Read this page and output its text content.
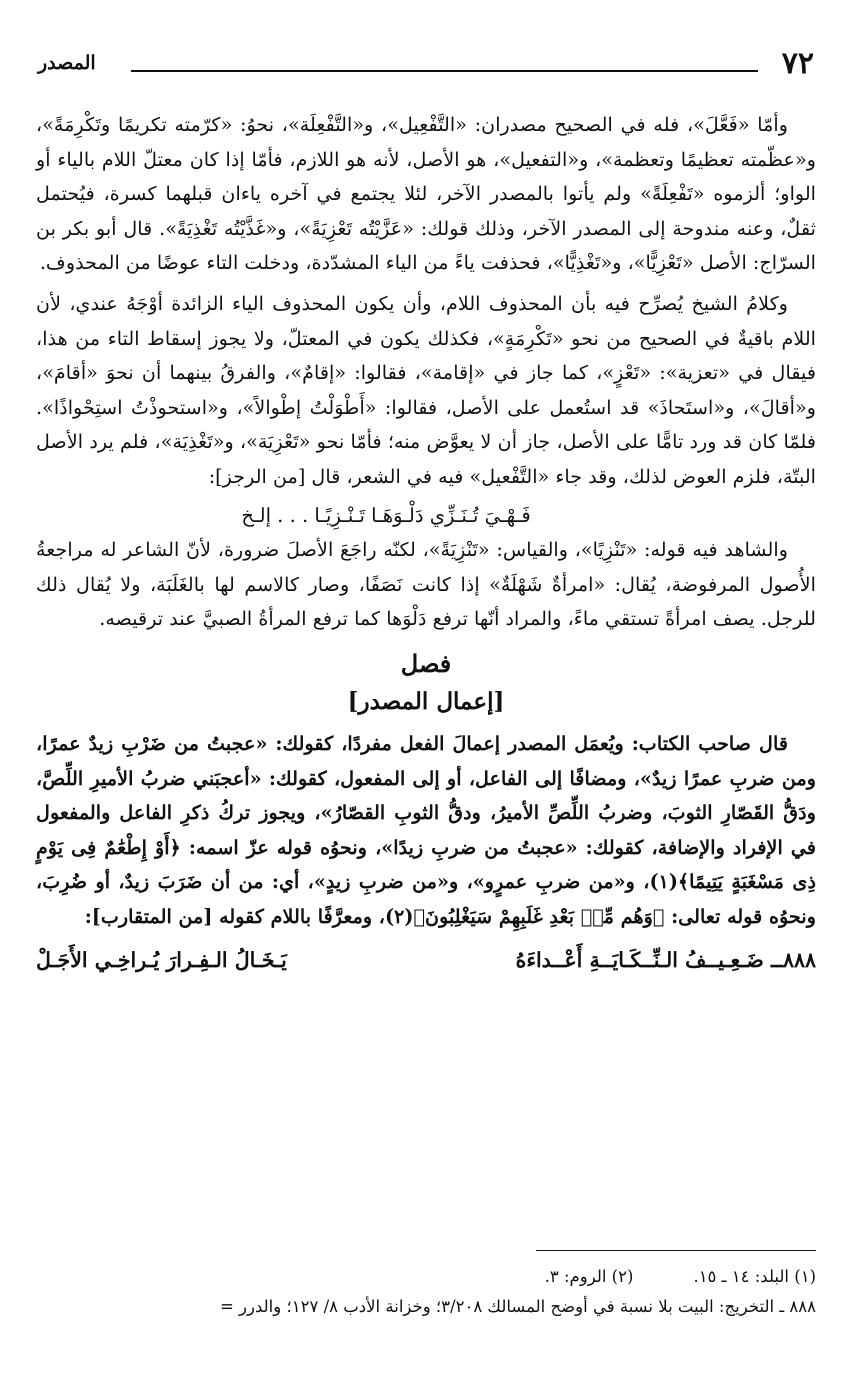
٧٢
المصدر

وأمّا «فَعَّلَ»، فله في الصحيح مصدران: «التَّفْعِيل»، و«التَّفْعِلَة»، نحوُ: «كرّمته تكريمًا وتَكْرِمَةً»، و«عظّمته تعظيمًا وتعظمة»، و«التفعيل»، هو الأصل، لأنه هو اللازم، فأمّا إذا كان معتلّ اللام بالياء أو الواو؛ ألزموه «تَفْعِلَةً» ولم يأتوا بالمصدر الآخر، لئلا يجتمع في آخره ياءان قبلهما كسرة، فيُحتمل ثقلٌ، وعنه مندوحة إلى المصدر الآخر، وذلك قولك: «عَزَّيْتُه تَعْزِيَةً»، و«غَذَّيْتُه تَغْذِيَةً». قال أبو بكر بن السرّاج: الأصل «تَعْزِيًّا»، و«تَغْذِيًّا»، فحذفت ياءً من الياء المشدّدة، ودخلت التاء عوضًا من المحذوف.

وكلامُ الشيخ يُصرِّح فيه بأن المحذوف اللام، وأن يكون المحذوف الياء الزائدة أوْجَهُ عندي، لأن اللام باقيةٌ في الصحيح من نحو «تَكْرِمَةٍ»، فكذلك يكون في المعتلّ، ولا يجوز إسقاط التاء من هذا، فيقال في «تعزية»: «تَعْزٍ»، كما جاز في «إقامة»، فقالوا: «إقامٌ»، والفرقُ بينهما أن نحوَ «أقامَ»، و«أقالَ»، و«استَحاذَ» قد استُعمل على الأصل، فقالوا: «أَطْوَلْتُ إطْوالاً»، و«استحوذْتُ استِحْواذًا». فلمّا كان قد ورد تامًّا على الأصل، جاز أن لا يعوَّض منه؛ فأمّا نحو «تَعْزِيَة»، و«تَغْذِيَة»، فلم يرد الأصل البتّة، فلزم العوض لذلك، وقد جاء «التَّفْعيل» فيه في الشعر، قال [من الرجز]:

فَـهْـيَ تُـنَـزِّي دَلْـوَهَـا تَـنْـزِيًـا . . . إلـخ

والشاهد فيه قوله: «تَنْزِيًا»، والقياس: «تَنْزِيَةً»، لكنّه راجَعَ الأصلَ ضرورة، لأنّ الشاعر له مراجعةُ الأُصول المرفوضة، يُقال: «امرأةٌ شَهْلَةٌ» إذا كانت نَصَفًا، وصار كالاسم لها بالغَلَبَة، ولا يُقال ذلك للرجل. يصف امرأةً تستقي ماءً، والمراد أنّها ترفع دَلْوَها كما ترفع المرأةُ الصبيَّ عند ترقيصه.

فصل
[إعمال المصدر]

قال صاحب الكتاب: ويُعمَل المصدر إعمالَ الفعل مفردًا، كقولك: «عجبتُ من ضَرْبِ زيدٌ عمرًا، ومن ضربِ عمرًا زيدٌ»، ومضافًا إلى الفاعل، أو إلى المفعول، كقولك: «أعجبَني ضربُ الأميرِ اللِّصَّ، ودَقُّ القَصّارِ الثوبَ، وضربُ اللِّصِّ الأميرُ، ودقُّ الثوبِ القصّارُ»، ويجوز تركُ ذكرِ الفاعل والمفعول في الإفراد والإضافة، كقولك: «عجبتُ من ضربِ زيدًا»، ونحوُه قوله عزّ اسمه: ﴿أَوْ إِطْعَٰمٌ فِى يَوْمٍ ذِى مَسْغَبَةٍ يَتِيمًا﴾(١)، و«من ضربِ عمرٍو»، و«من ضربِ زيدٍ»، أي: من أن ضَرَبَ زيدٌ، أو ضُرِبَ، ونحوُه قوله تعالى: ﴿وَهُم مِّنۢ بَعْدِ غَلَبِهِمْ سَيَغْلِبُونَ﴾(٢)، ومعرَّفًا باللام كقوله [من المتقارب]:

٨٨٨ــ ضَـعِـيــفُ الـنِّــكَـايَــةِ أَعْــداءَهُ
يَـخَـالُ الـفِـرارَ يُـراخِـي الأَجَـلْ
(١) البلد: ١٤ ـ ١٥.
(٢) الروم: ٣.
٨٨٨ ـ التخريج: البيت بلا نسبة في أوضح المسالك ٣/٢٠٨؛ وخزانة الأدب ٨/ ١٢٧؛ والدرر =
